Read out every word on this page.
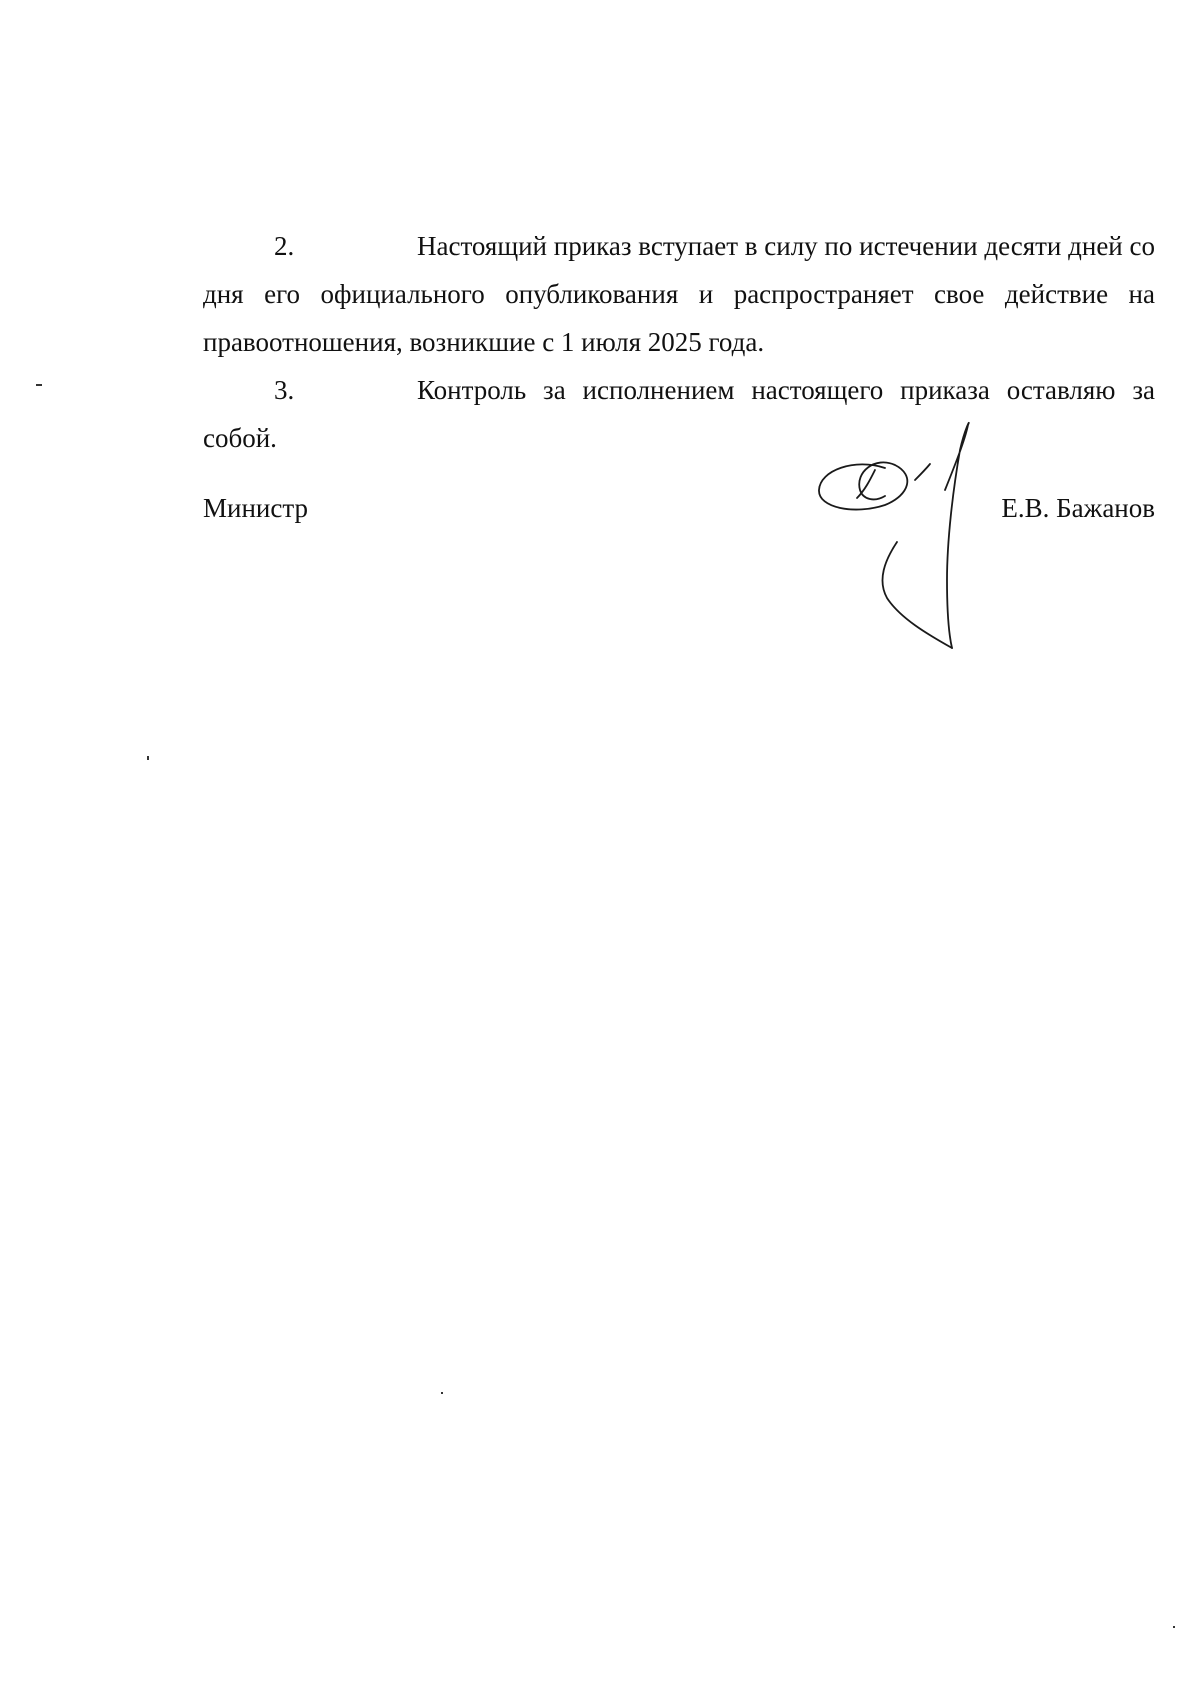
2.	Настоящий приказ вступает в силу по истечении десяти дней со дня его официального опубликования и распространяет свое действие на правоотношения, возникшие с 1 июля 2025 года.
3.	Контроль за исполнением настоящего приказа оставляю за собой.
Министр	Е.В. Бажанов
